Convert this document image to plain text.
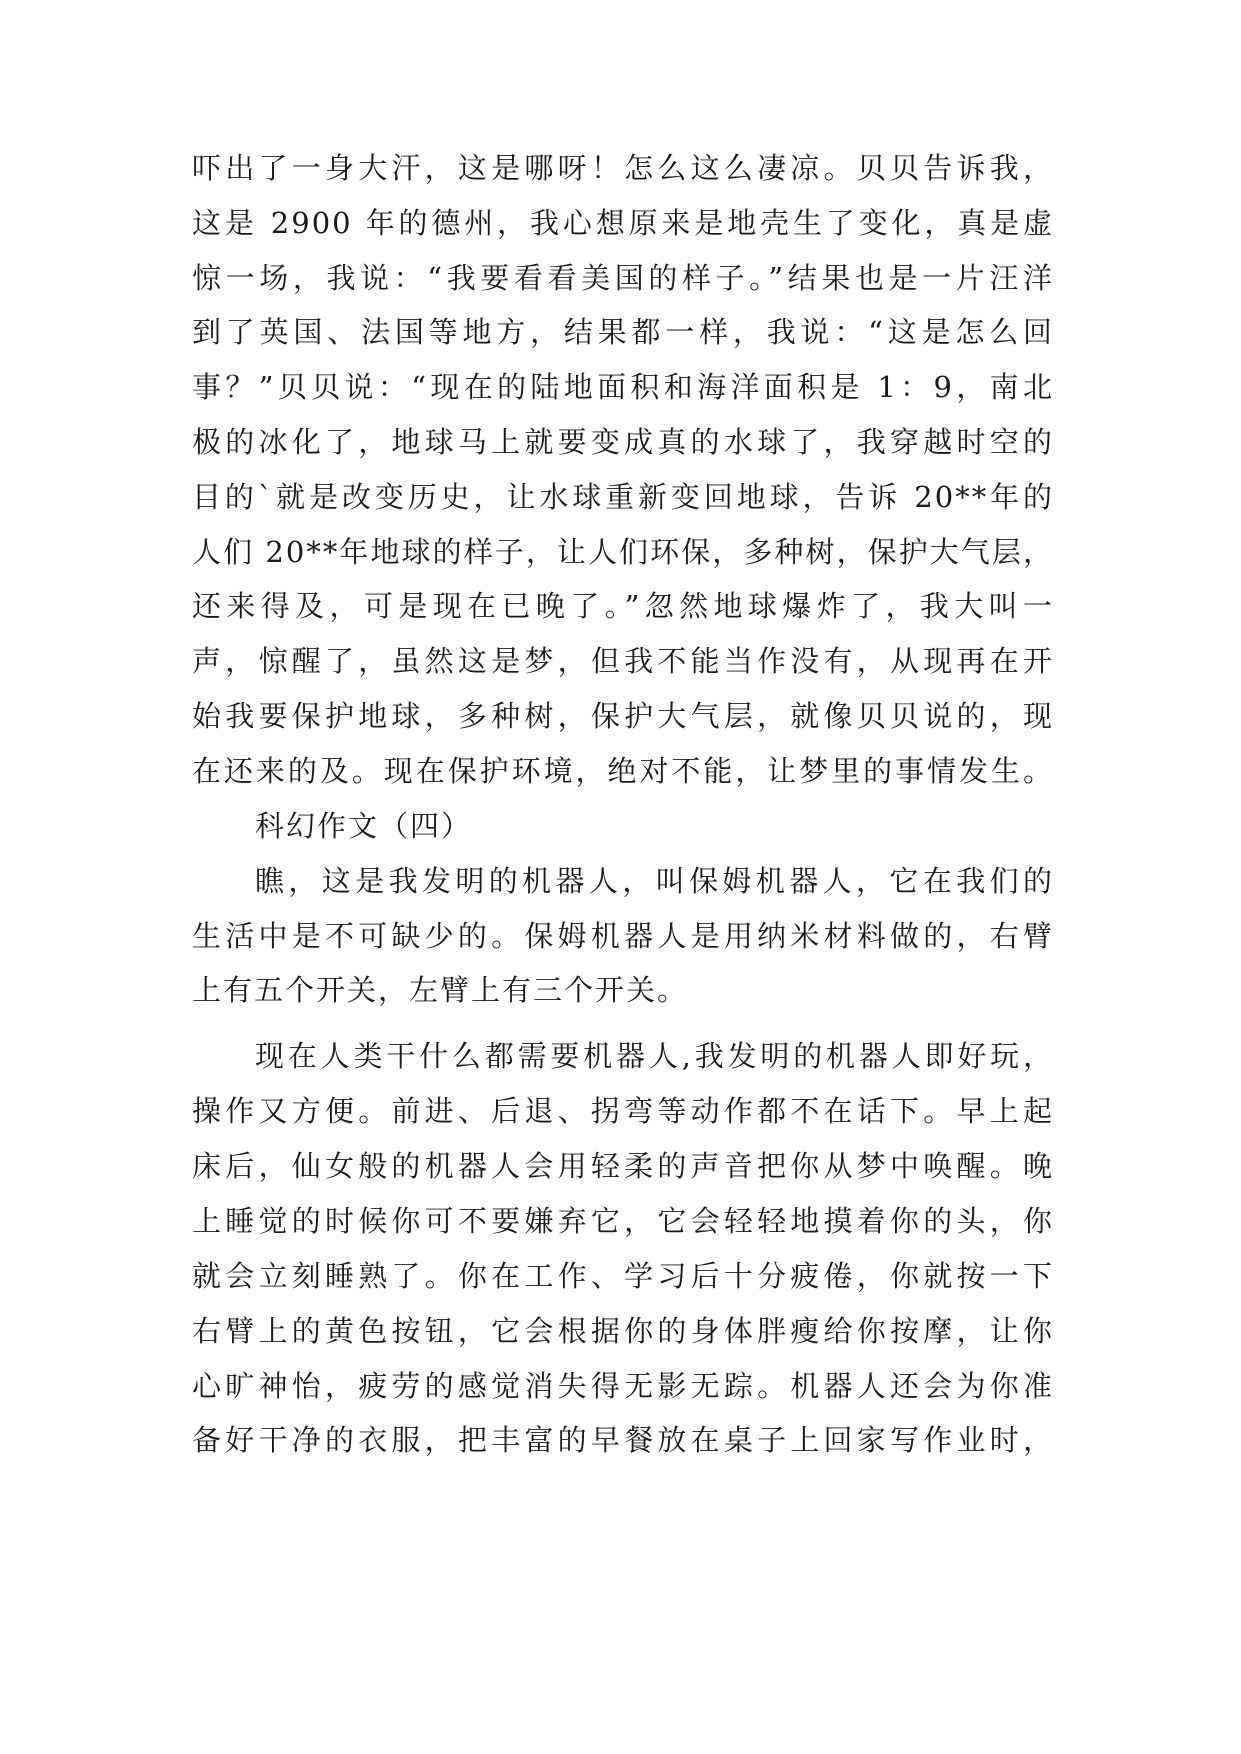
吓出了一身大汗，这是哪呀！怎么这么凄凉。贝贝告诉我，
这是 2900 年的德州，我心想原来是地壳生了变化，真是虚
惊一场，我说：“我要看看美国的样子。”结果也是一片汪洋
到了英国、法国等地方，结果都一样，我说：“这是怎么回
事？”贝贝说：“现在的陆地面积和海洋面积是 1：9，南北
极的冰化了，地球马上就要变成真的水球了，我穿越时空的
目的`就是改变历史，让水球重新变回地球，告诉 20**年的
人们 20**年地球的样子，让人们环保，多种树，保护大气层，
还来得及，可是现在已晚了。”忽然地球爆炸了，我大叫一
声，惊醒了，虽然这是梦，但我不能当作没有，从现再在开
始我要保护地球，多种树，保护大气层，就像贝贝说的，现
在还来的及。现在保护环境，绝对不能，让梦里的事情发生。
科幻作文（四）
瞧，这是我发明的机器人，叫保姆机器人，它在我们的
生活中是不可缺少的。保姆机器人是用纳米材料做的，右臂
上有五个开关，左臂上有三个开关。
现在人类干什么都需要机器人,我发明的机器人即好玩，
操作又方便。前进、后退、拐弯等动作都不在话下。早上起
床后，仙女般的机器人会用轻柔的声音把你从梦中唤醒。晚
上睡觉的时候你可不要嫌弃它，它会轻轻地摸着你的头，你
就会立刻睡熟了。你在工作、学习后十分疲倦，你就按一下
右臂上的黄色按钮，它会根据你的身体胖瘦给你按摩，让你
心旷神怡，疲劳的感觉消失得无影无踪。机器人还会为你准
备好干净的衣服，把丰富的早餐放在桌子上回家写作业时，
